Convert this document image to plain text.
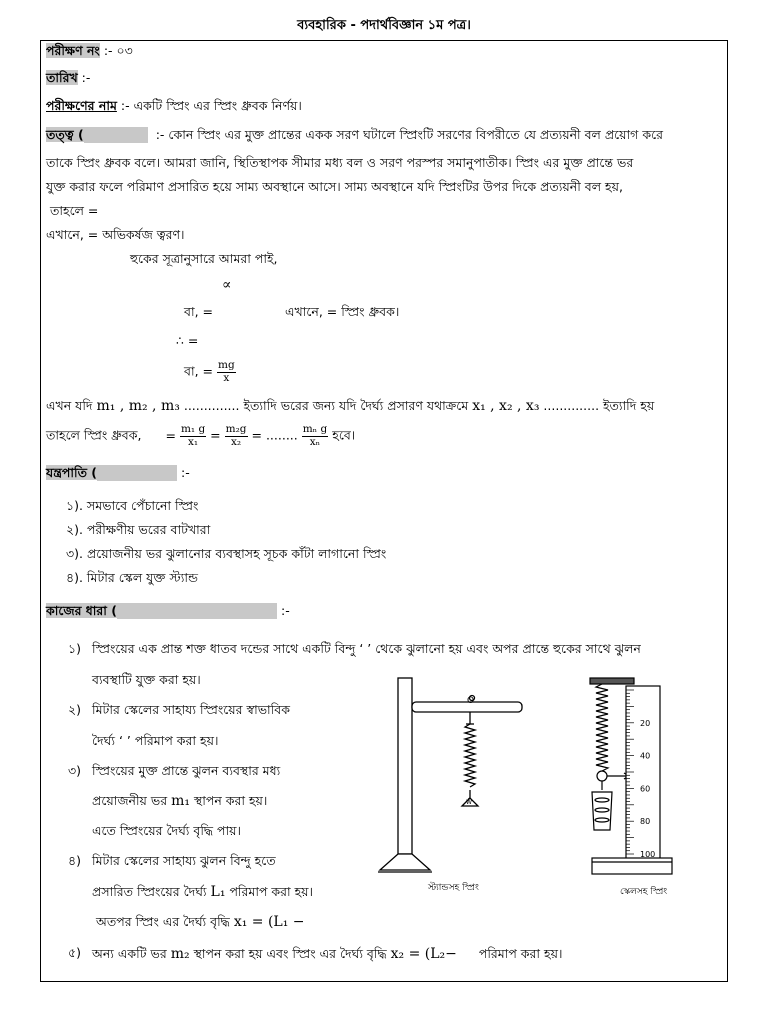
ব্যবহারিক - পদার্থবিজ্ঞান ১ম পত্র।
পরীক্ষণ নং :- ০৩
তারিখ :-
পরীক্ষণের নাম :- একটি স্প্রিং এর স্প্রিং ধ্রুবক নির্ণয়।
তত্ত্ব (	:- কোন স্প্রিং এর মুক্ত প্রান্তের একক সরণ ঘটালে স্প্রিংটি সরণের বিপরীতে যে প্রত্যয়নী বল প্রয়োগ করে
তাকে স্প্রিং ধ্রুবক বলে। আমরা জানি, স্থিতিস্থাপক সীমার মধ্য বল ও সরণ পরস্পর সমানুপাতীক। স্প্রিং এর মুক্ত প্রান্তে ভর
যুক্ত করার ফলে পরিমাণ প্রসারিত হয়ে সাম্য অবস্থানে আসে। সাম্য অবস্থানে যদি স্প্রিংটির উপর দিকে প্রত্যয়নী বল হয়,
তাহলে =
এখানে, = অভিকর্ষজ ত্বরণ।
হুকের সূত্রানুসারে আমরা পাই,
∝
বা, =	এখানে, = স্প্রিং ধ্রুবক।
∴ =
বা, = $\frac{mg}{x}$
এখন যদি m₁ , m₂ , m₃ .............. ইত্যাদি ভরের জন্য যদি দৈর্ঘ্য প্রসারণ যথাক্রমে x₁ , x₂ , x₃ .............. ইত্যাদি হয়
তাহলে স্প্রিং ধ্রুবক, = $\frac{\text{m₁ g}}{\text{x₁}} = \frac{\text{m₂g}}{\text{x₂}}$ = ........ $\frac{\text{mₙ g}}{\text{xₙ}}$ হবে।
যন্ত্রপাতি (	:-
১). সমভাবে পেঁচানো স্প্রিং
২). পরীক্ষণীয় ভরের বাটখারা
৩). প্রয়োজনীয় ভর ঝুলানোর ব্যবস্থাসহ সূচক কাঁটা লাগানো স্প্রিং
৪). মিটার স্কেল যুক্ত স্ট্যান্ড
কাজের ধারা (	:-
১) স্প্রিংয়ের এক প্রান্ত শক্ত ধাতব দন্ডের সাথে একটি বিন্দু ‘ ’ থেকে ঝুলানো হয় এবং অপর প্রান্তে হুকের সাথে ঝুলন
ব্যবস্থাটি যুক্ত করা হয়।
২) মিটার স্কেলের সাহায্য স্প্রিংয়ের স্বাভাবিক
দৈর্ঘ্য ‘ ’ পরিমাপ করা হয়।
৩) স্প্রিংয়ের মুক্ত প্রান্তে ঝুলন ব্যবস্থার মধ্য
প্রয়োজনীয় ভর m₁ স্থাপন করা হয়।
এতে স্প্রিংয়ের দৈর্ঘ্য বৃদ্ধি পায়।
৪) মিটার স্কেলের সাহায্য ঝুলন বিন্দু হতে
প্রসারিত স্প্রিংয়ের দৈর্ঘ্য L₁ পরিমাপ করা হয়।
অতপর স্প্রিং এর দৈর্ঘ্য বৃদ্ধি x₁ = (L₁ −
৫) অন্য একটি ভর m₂ স্থাপন করা হয় এবং স্প্রিং এর দৈর্ঘ্য বৃদ্ধি x₂ = (L₂− পরিমাপ করা হয়।
O
W
স্ট্যান্ডসহ স্প্রিং
20
40
60
80
100
স্কেলসহ স্প্রিং
